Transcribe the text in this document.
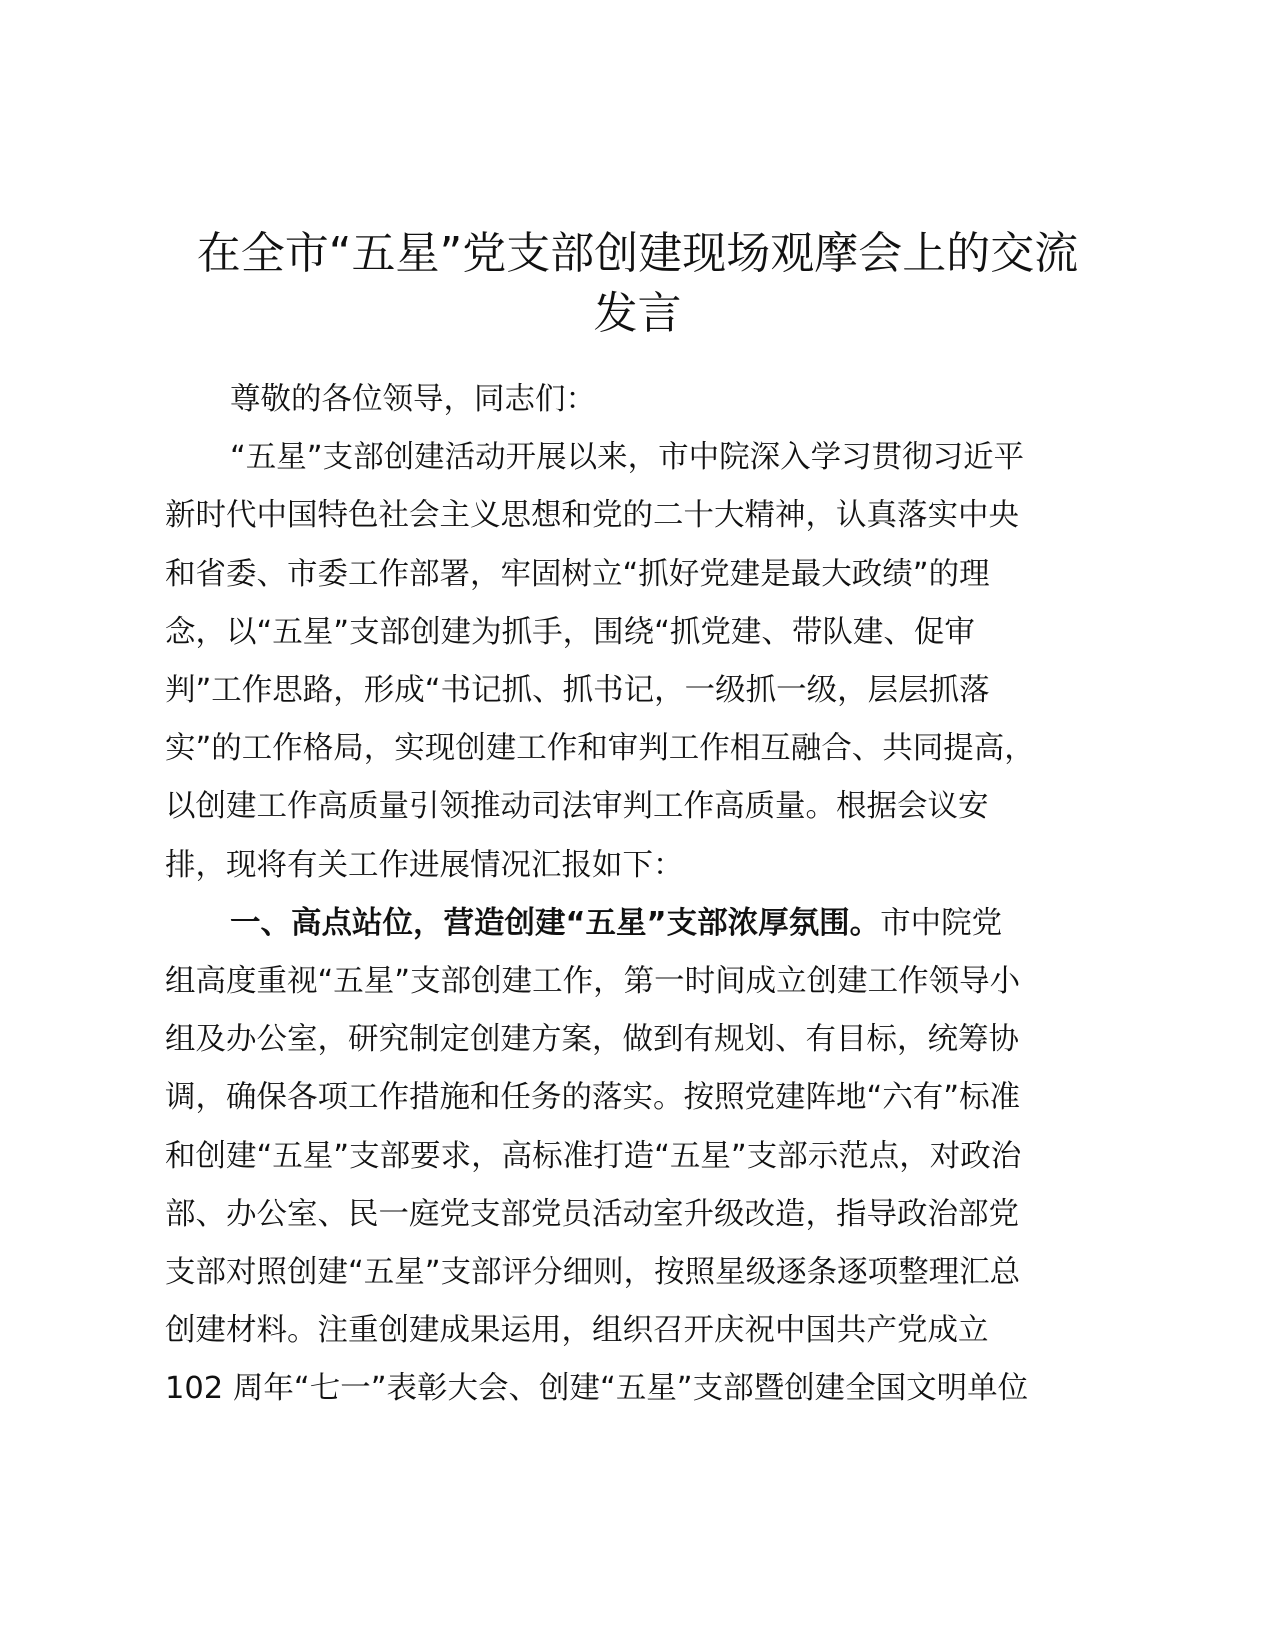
在全市“五星”党支部创建现场观摩会上的交流
发言
尊敬的各位领导，同志们：
“五星”支部创建活动开展以来，市中院深入学习贯彻习近平
新时代中国特色社会主义思想和党的二十大精神，认真落实中央
和省委、市委工作部署，牢固树立“抓好党建是最大政绩”的理
念，以“五星”支部创建为抓手，围绕“抓党建、带队建、促审
判”工作思路，形成“书记抓、抓书记，一级抓一级，层层抓落
实”的工作格局，实现创建工作和审判工作相互融合、共同提高，
以创建工作高质量引领推动司法审判工作高质量。根据会议安
排，现将有关工作进展情况汇报如下：
一、高点站位，营造创建“五星”支部浓厚氛围。市中院党
组高度重视“五星”支部创建工作，第一时间成立创建工作领导小
组及办公室，研究制定创建方案，做到有规划、有目标，统筹协
调，确保各项工作措施和任务的落实。按照党建阵地“六有”标准
和创建“五星”支部要求，高标准打造“五星”支部示范点，对政治
部、办公室、民一庭党支部党员活动室升级改造，指导政治部党
支部对照创建“五星”支部评分细则，按照星级逐条逐项整理汇总
创建材料。注重创建成果运用，组织召开庆祝中国共产党成立
102 周年“七一”表彰大会、创建“五星”支部暨创建全国文明单位
